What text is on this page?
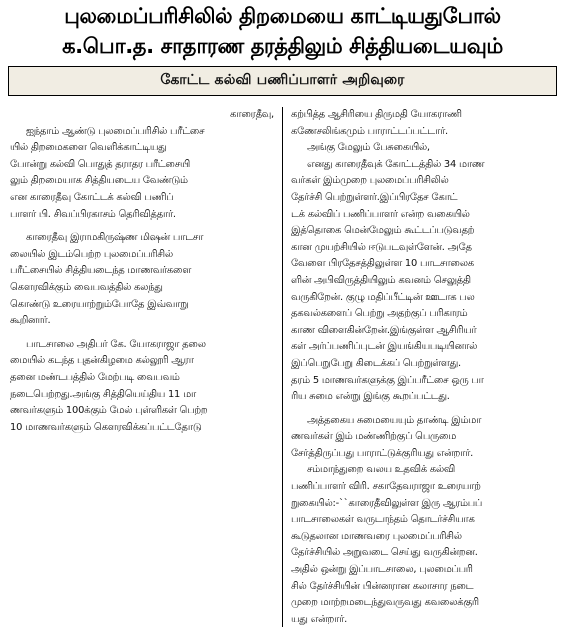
புலமைப்பரிசிலில் திறமையை காட்டியதுபோல்
க.பொ.த. சாதாரண தரத்திலும் சித்தியடையவும்
கோட்ட கல்வி பணிப்பாளர் அறிவுரை
காரைதீவு,
ஐந்தாம் ஆண்டு புலமைப்பரிசில் பரீட்சை
யில் திறமைகளை வெளிக்காட்டியது
போன்று கல்வி பொதுத் தராதர பரீட்சையி
லும் திறமையாக சித்தியடைய வேண்டும்
என காரைதீவு கோட்டக் கல்வி பணிப்
பாளர் பி. சிவப்பிரகாசம் தெரிவித்தார்.
காரைதீவு இராமகிருஷ்ண மிஷன் பாடசா
லையில் இடம்பெற்ற புலமைப்பரிசில்
பரீட்சையில் சித்தியடைந்த மாணவர்களை
கௌரவிக்கும் வைபவத்தில் கலந்து
கொண்டு உரையாற்றும்போதே இவ்வாறு
கூறினார்.
பாடசாலை அதிபர் கே. யோகராஜா தலை
மையில் கடந்த புதன்கிழமை கல்லூரி ஆரா
தனை மண்டபத்தில் மேற்படி வைபவம்
நடைபெற்றது.அங்கு சித்தியெய்திய 11 மா
ணவர்களும் 100க்கும் மேல் புள்ளிகள் பெற்ற
10 மாணவர்களும் கௌரவிக்கப்பட்டதோடு
கற்பித்த ஆசிரியை திருமதி யோகராணி
கணேசலிங்கமும் பாராட்டப்பட்டார்.
அங்கு மேலும் பேசுகையில்,
எனது காரைதீவுக் கோட்டத்தில் 34 மாண
வர்கள் இம்முறை புலமைப்பரிசிலில்
தேர்ச்சி பெற்றுள்ளர்.இப்பிரதேச கோட்
டக் கல்விப் பணிப்பாளர் என்ற வகையில்
இத்தொகை மென்மேலும் கூட்டப்படுவதற்
கான முயற்சியில் ஈடுபடவுள்ளேன். அதே
வேளை பிரதேசத்திலுள்ள 10 பாடசாலைக
ளின் அபிவிருத்தியிலும் கவனம் செலுத்தி
வருகிறேன். குழு மதிப்பீட்டின் ஊடாக பல
தகவல்களைப் பெற்று அதற்குப் பரிகாரம்
காண விளைகின்றேன்.இங்குள்ள ஆசிரியர்
கள் அர்ப்பணிப்புடன் இயங்கியபடியினால்
இப்பெறுபேறு கிடைக்கப் பெற்றுள்ளது.
தரம் 5 மாணவர்களுக்கு இப்பரீட்சை ஒரு பா
ரிய சுமை என்று இங்கு கூறப்பட்டது.
அத்தகைய சுமையையும் தாண்டி இம்மா
ணவர்கள் இம் மண்ணிற்குப் பெருமை
சேர்த்திருப்பது பாராட்டுக்குரியது என்றார்.
சம்மாந்துறை வலய உதவிக் கல்வி
பணிப்பாளர் விரி. சகாதேவராஜா உரையாற்
றுகையில்:-``காரைதீவிலுள்ள இரு ஆரம்பப்
பாடசாலைகள் வருடாந்தம் தொடர்ச்சியாக
கூடுதலான மாணவரை புலமைப்பரிசில்
தேர்ச்சியில் அறுவடை செய்து வருகின்றன.
அதில் ஒன்று இப்பாடசாலை, புலமைப்பரி
சில் தேர்ச்சியின் பின்னரான கலாசார நடை
முறை மாற்றமடைந்துவருவது கவலைக்குரி
யது என்றார்.
